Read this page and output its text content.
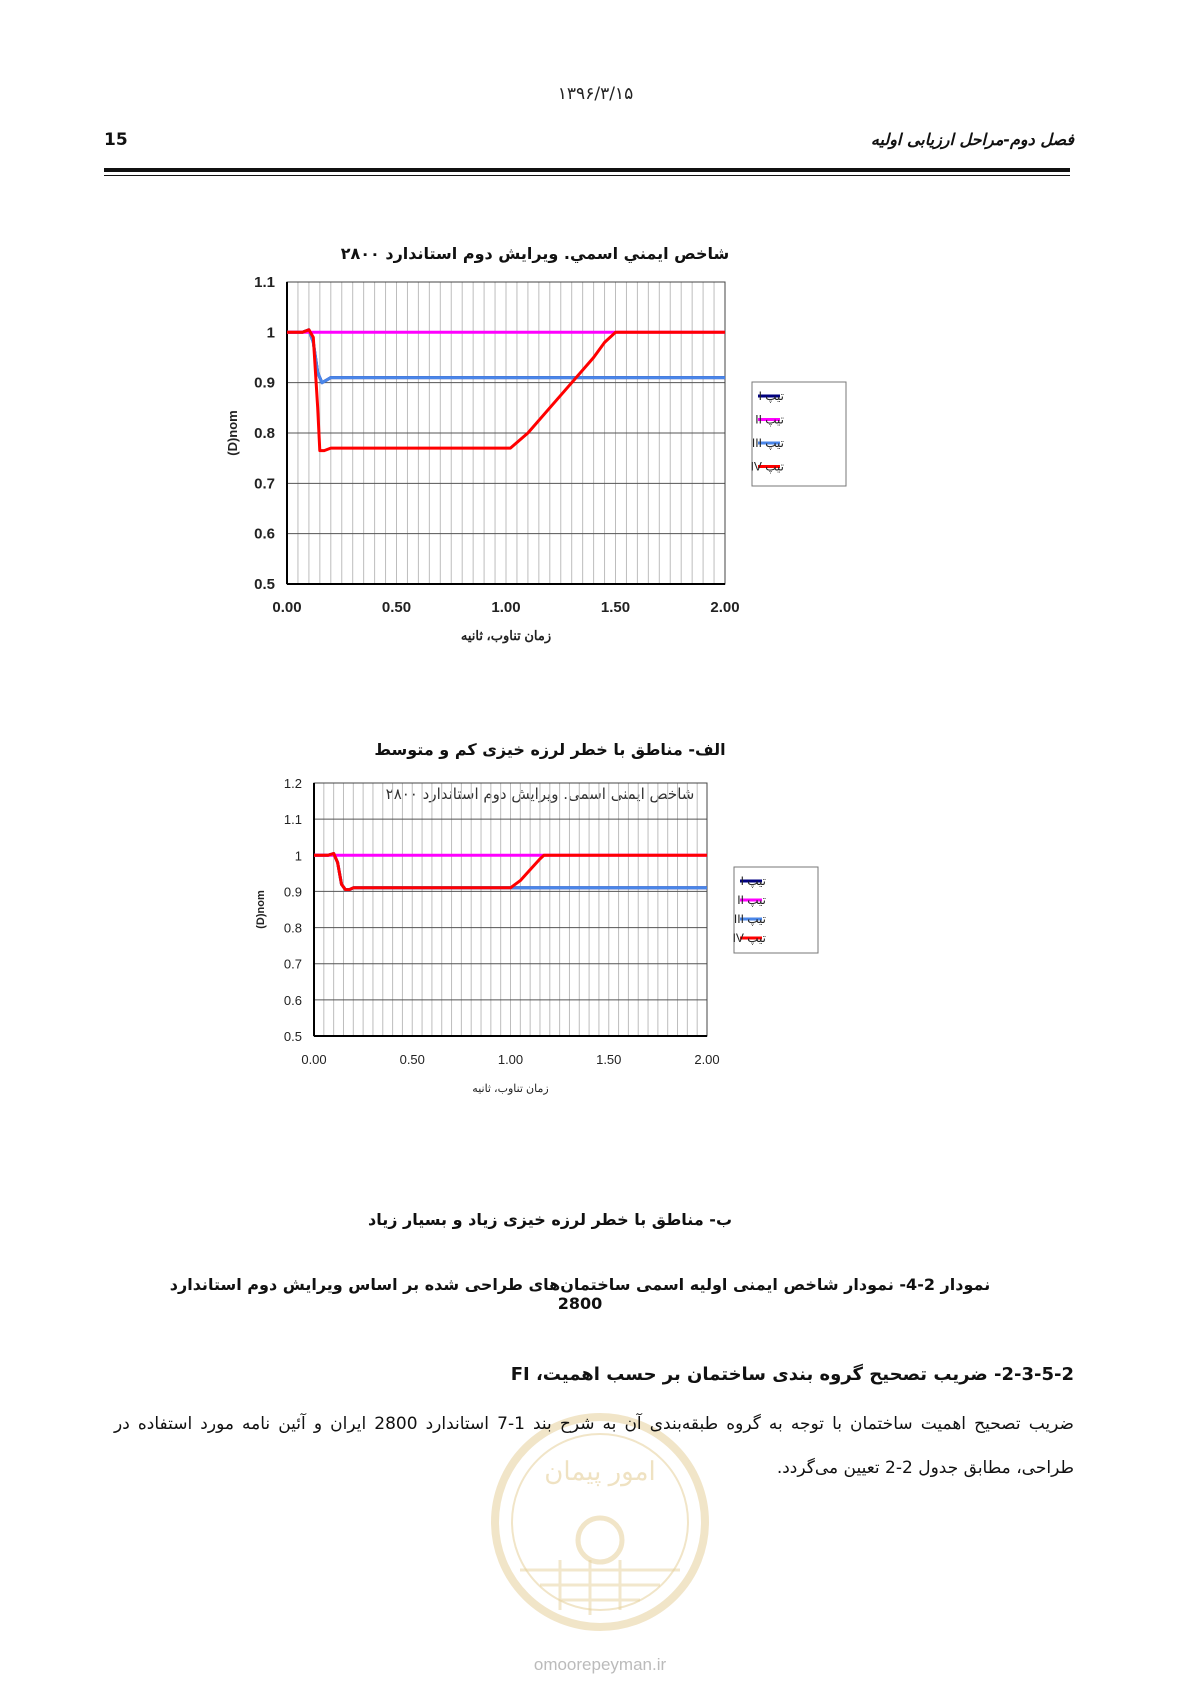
١٣٩۶/٣/١۵
15	فصل دوم-مراحل ارزیابی اولیه
شاخص ايمني اسمي. ويرايش دوم استاندارد ۲۸۰۰
0.5
0.6
0.7
0.8
0.9
1
1.1
0.00	0.50	1.00	1.50	2.00
زمان تناوب، ثانیه
(D)nom
تیپ I
تیپ II
تیپ III
تیپ IV
الف- مناطق با خطر لرزه خیزی کم و متوسط
شاخص ایمنی اسمی. ویرایش دوم استاندارد ۲۸۰۰
0.5
0.6
0.7
0.8
0.9
1
1.1
1.2
0.00	0.50	1.00	1.50	2.00
زمان تناوب، ثانیه
(D)nom
تیپ I
تیپ II
تیپ III
تیپ IV
ب- مناطق با خطر لرزه خیزی زیاد و بسیار زیاد
نمودار 2-4- نمودار شاخص ایمنی اولیه اسمی ساختمان‌های طراحی شده بر اساس ویرایش دوم استاندارد 2800
امور پیمان
omoorepeyman.ir
2-3-5-2- ضریب تصحیح گروه بندی ساختمان بر حسب اهمیت، FI
ضریب تصحیح اهمیت ساختمان با توجه به گروه طبقه‌بندی آن به شرح بند 1-7 استاندارد 2800 ایران و آئین نامه مورد استفاده در طراحی، مطابق جدول 2-2 تعیین می‌گردد.
